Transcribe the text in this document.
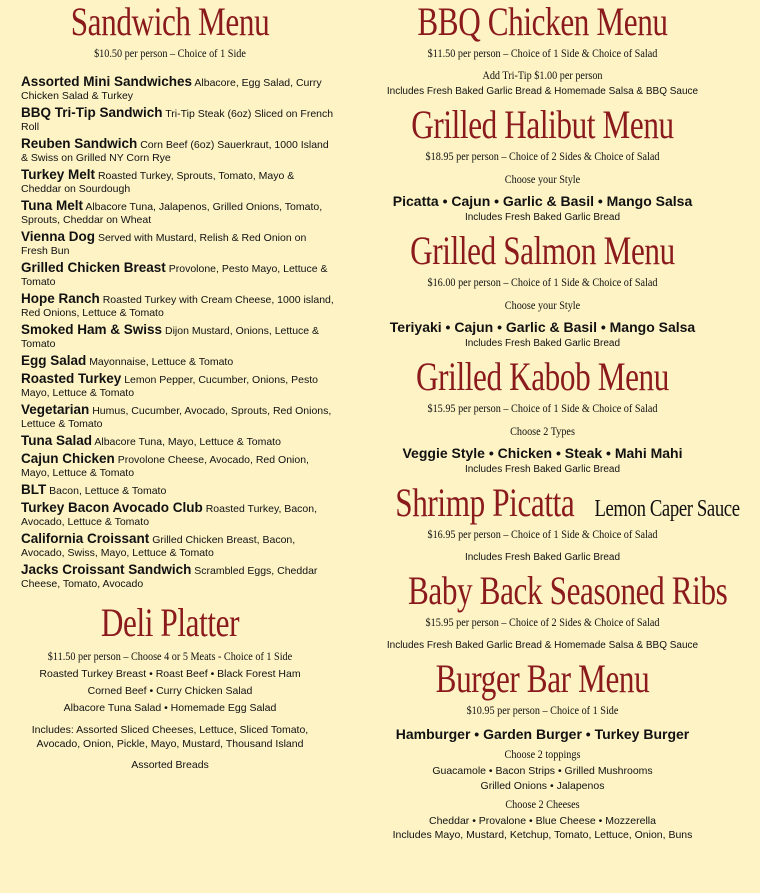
Sandwich Menu
$10.50 per person – Choice of 1 Side
Assorted Mini Sandwiches Albacore, Egg Salad, Curry Chicken Salad & Turkey
BBQ Tri-Tip Sandwich Tri-Tip Steak (6oz) Sliced on French Roll
Reuben Sandwich Corn Beef (6oz) Sauerkraut, 1000 Island & Swiss on Grilled NY Corn Rye
Turkey Melt Roasted Turkey, Sprouts, Tomato, Mayo & Cheddar on Sourdough
Tuna Melt Albacore Tuna, Jalapenos, Grilled Onions, Tomato, Sprouts, Cheddar on Wheat
Vienna Dog Served with Mustard, Relish & Red Onion on Fresh Bun
Grilled Chicken Breast Provolone, Pesto Mayo, Lettuce & Tomato
Hope Ranch Roasted Turkey with Cream Cheese, 1000 island, Red Onions, Lettuce & Tomato
Smoked Ham & Swiss Dijon Mustard, Onions, Lettuce & Tomato
Egg Salad Mayonnaise, Lettuce & Tomato
Roasted Turkey Lemon Pepper, Cucumber, Onions, Pesto Mayo, Lettuce & Tomato
Vegetarian Humus, Cucumber, Avocado, Sprouts, Red Onions, Lettuce & Tomato
Tuna Salad Albacore Tuna, Mayo, Lettuce & Tomato
Cajun Chicken Provolone Cheese, Avocado, Red Onion, Mayo, Lettuce & Tomato
BLT Bacon, Lettuce & Tomato
Turkey Bacon Avocado Club Roasted Turkey, Bacon, Avocado, Lettuce & Tomato
California Croissant Grilled Chicken Breast, Bacon, Avocado, Swiss, Mayo, Lettuce & Tomato
Jacks Croissant Sandwich Scrambled Eggs, Cheddar Cheese, Tomato, Avocado
Deli Platter
$11.50 per person – Choose 4 or 5 Meats - Choice of 1 Side
Roasted Turkey Breast • Roast Beef • Black Forest Ham
Corned Beef • Curry Chicken Salad
Albacore Tuna Salad • Homemade Egg Salad
Includes: Assorted Sliced Cheeses, Lettuce, Sliced Tomato,
Avocado, Onion, Pickle, Mayo, Mustard, Thousand Island
Assorted Breads
BBQ Chicken Menu
$11.50 per person – Choice of 1 Side & Choice of Salad
Add Tri-Tip $1.00 per person
Includes Fresh Baked Garlic Bread & Homemade Salsa & BBQ Sauce
Grilled Halibut Menu
$18.95 per person – Choice of 2 Sides & Choice of Salad
Choose your Style
Picatta • Cajun • Garlic & Basil • Mango Salsa
Includes Fresh Baked Garlic Bread
Grilled Salmon Menu
$16.00 per person – Choice of 1 Side & Choice of Salad
Choose your Style
Teriyaki • Cajun • Garlic & Basil • Mango Salsa
Includes Fresh Baked Garlic Bread
Grilled Kabob Menu
$15.95 per person – Choice of 1 Side & Choice of Salad
Choose 2 Types
Veggie Style • Chicken • Steak • Mahi Mahi
Includes Fresh Baked Garlic Bread
Shrimp Picatta Lemon Caper Sauce
$16.95 per person – Choice of 1 Side & Choice of Salad
Includes Fresh Baked Garlic Bread
Baby Back Seasoned Ribs
$15.95 per person – Choice of 2 Sides & Choice of Salad
Includes Fresh Baked Garlic Bread & Homemade Salsa & BBQ Sauce
Burger Bar Menu
$10.95 per person – Choice of 1 Side
Hamburger • Garden Burger • Turkey Burger
Choose 2 toppings
Guacamole • Bacon Strips • Grilled Mushrooms
Grilled Onions • Jalapenos
Choose 2 Cheeses
Cheddar • Provalone • Blue Cheese • Mozzerella
Includes Mayo, Mustard, Ketchup, Tomato, Lettuce, Onion, Buns
